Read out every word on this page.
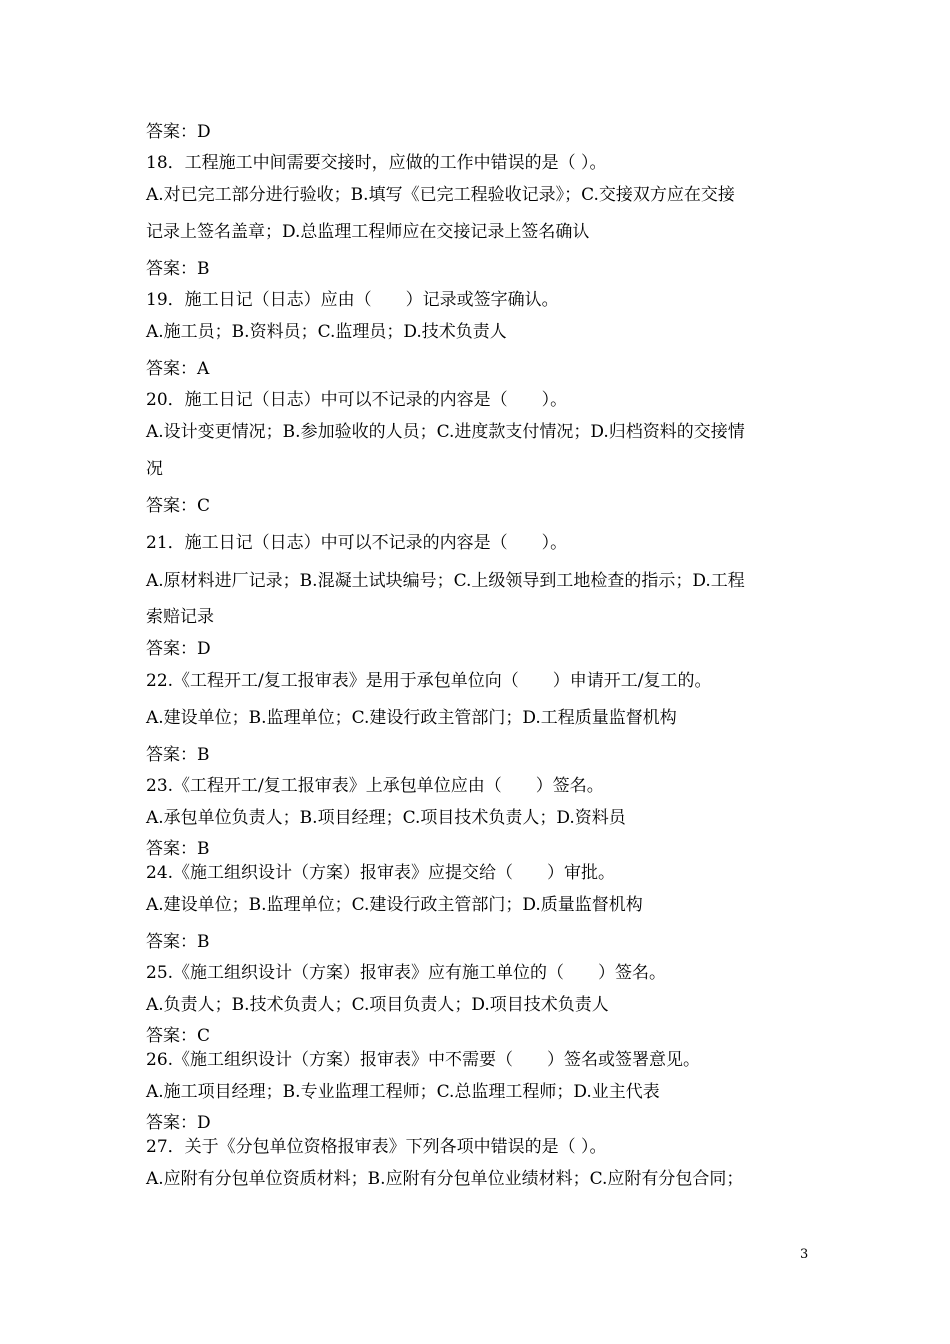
答案：D
18．工程施工中间需要交接时，应做的工作中错误的是（ ）。
A.对已完工部分进行验收；B.填写《已完工程验收记录》；C.交接双方应在交接
记录上签名盖章；D.总监理工程师应在交接记录上签名确认
答案：B
19．施工日记（日志）应由（　　）记录或签字确认。
A.施工员；B.资料员；C.监理员；D.技术负责人
答案：A
20．施工日记（日志）中可以不记录的内容是（　　）。
A.设计变更情况；B.参加验收的人员；C.进度款支付情况；D.归档资料的交接情
况
答案：C
21．施工日记（日志）中可以不记录的内容是（　　）。
A.原材料进厂记录；B.混凝土试块编号；C.上级领导到工地检查的指示；D.工程
索赔记录
答案：D
22.《工程开工/复工报审表》是用于承包单位向（　　）申请开工/复工的。
A.建设单位；B.监理单位；C.建设行政主管部门；D.工程质量监督机构
答案：B
23.《工程开工/复工报审表》上承包单位应由（　　）签名。
A.承包单位负责人；B.项目经理；C.项目技术负责人；D.资料员
答案：B
24.《施工组织设计（方案）报审表》应提交给（　　）审批。
A.建设单位；B.监理单位；C.建设行政主管部门；D.质量监督机构
答案：B
25.《施工组织设计（方案）报审表》应有施工单位的（　　）签名。
A.负责人；B.技术负责人；C.项目负责人；D.项目技术负责人
答案：C
26.《施工组织设计（方案）报审表》中不需要（　　）签名或签署意见。
A.施工项目经理；B.专业监理工程师；C.总监理工程师；D.业主代表
答案：D
27．关于《分包单位资格报审表》下列各项中错误的是（ ）。
A.应附有分包单位资质材料；B.应附有分包单位业绩材料；C.应附有分包合同；
3
